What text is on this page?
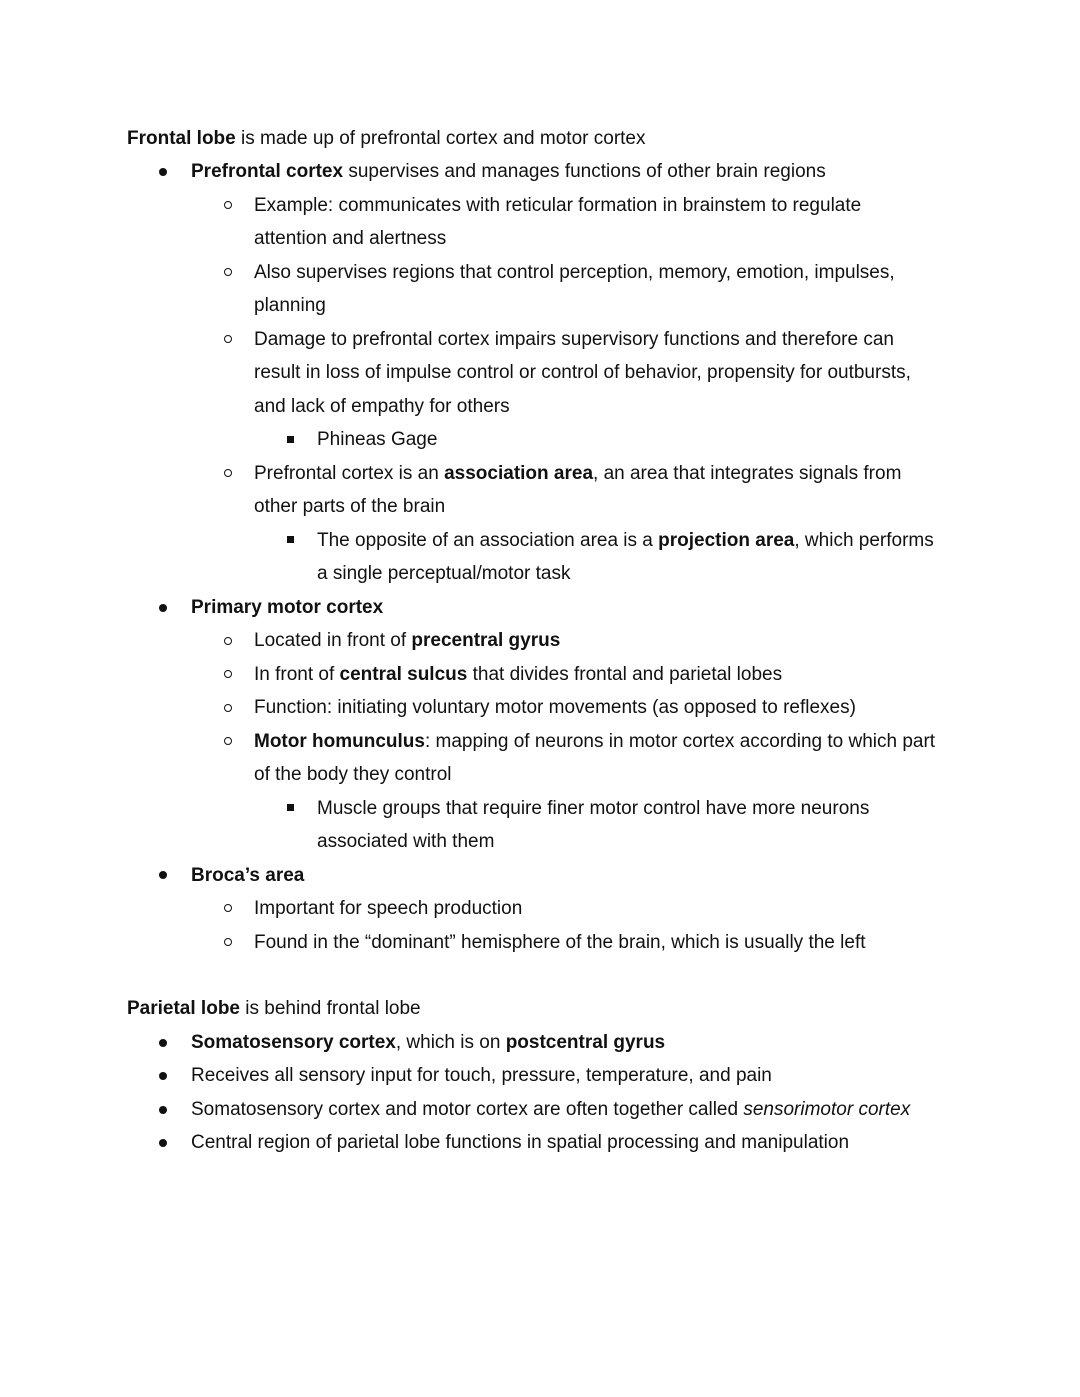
Frontal lobe is made up of prefrontal cortex and motor cortex
Prefrontal cortex supervises and manages functions of other brain regions
Example: communicates with reticular formation in brainstem to regulate
attention and alertness
Also supervises regions that control perception, memory, emotion, impulses,
planning
Damage to prefrontal cortex impairs supervisory functions and therefore can
result in loss of impulse control or control of behavior, propensity for outbursts,
and lack of empathy for others
Phineas Gage
Prefrontal cortex is an association area, an area that integrates signals from
other parts of the brain
The opposite of an association area is a projection area, which performs
a single perceptual/motor task
Primary motor cortex
Located in front of precentral gyrus
In front of central sulcus that divides frontal and parietal lobes
Function: initiating voluntary motor movements (as opposed to reflexes)
Motor homunculus: mapping of neurons in motor cortex according to which part
of the body they control
Muscle groups that require finer motor control have more neurons
associated with them
Broca’s area
Important for speech production
Found in the “dominant” hemisphere of the brain, which is usually the left
Parietal lobe is behind frontal lobe
Somatosensory cortex, which is on postcentral gyrus
Receives all sensory input for touch, pressure, temperature, and pain
Somatosensory cortex and motor cortex are often together called sensorimotor cortex
Central region of parietal lobe functions in spatial processing and manipulation
